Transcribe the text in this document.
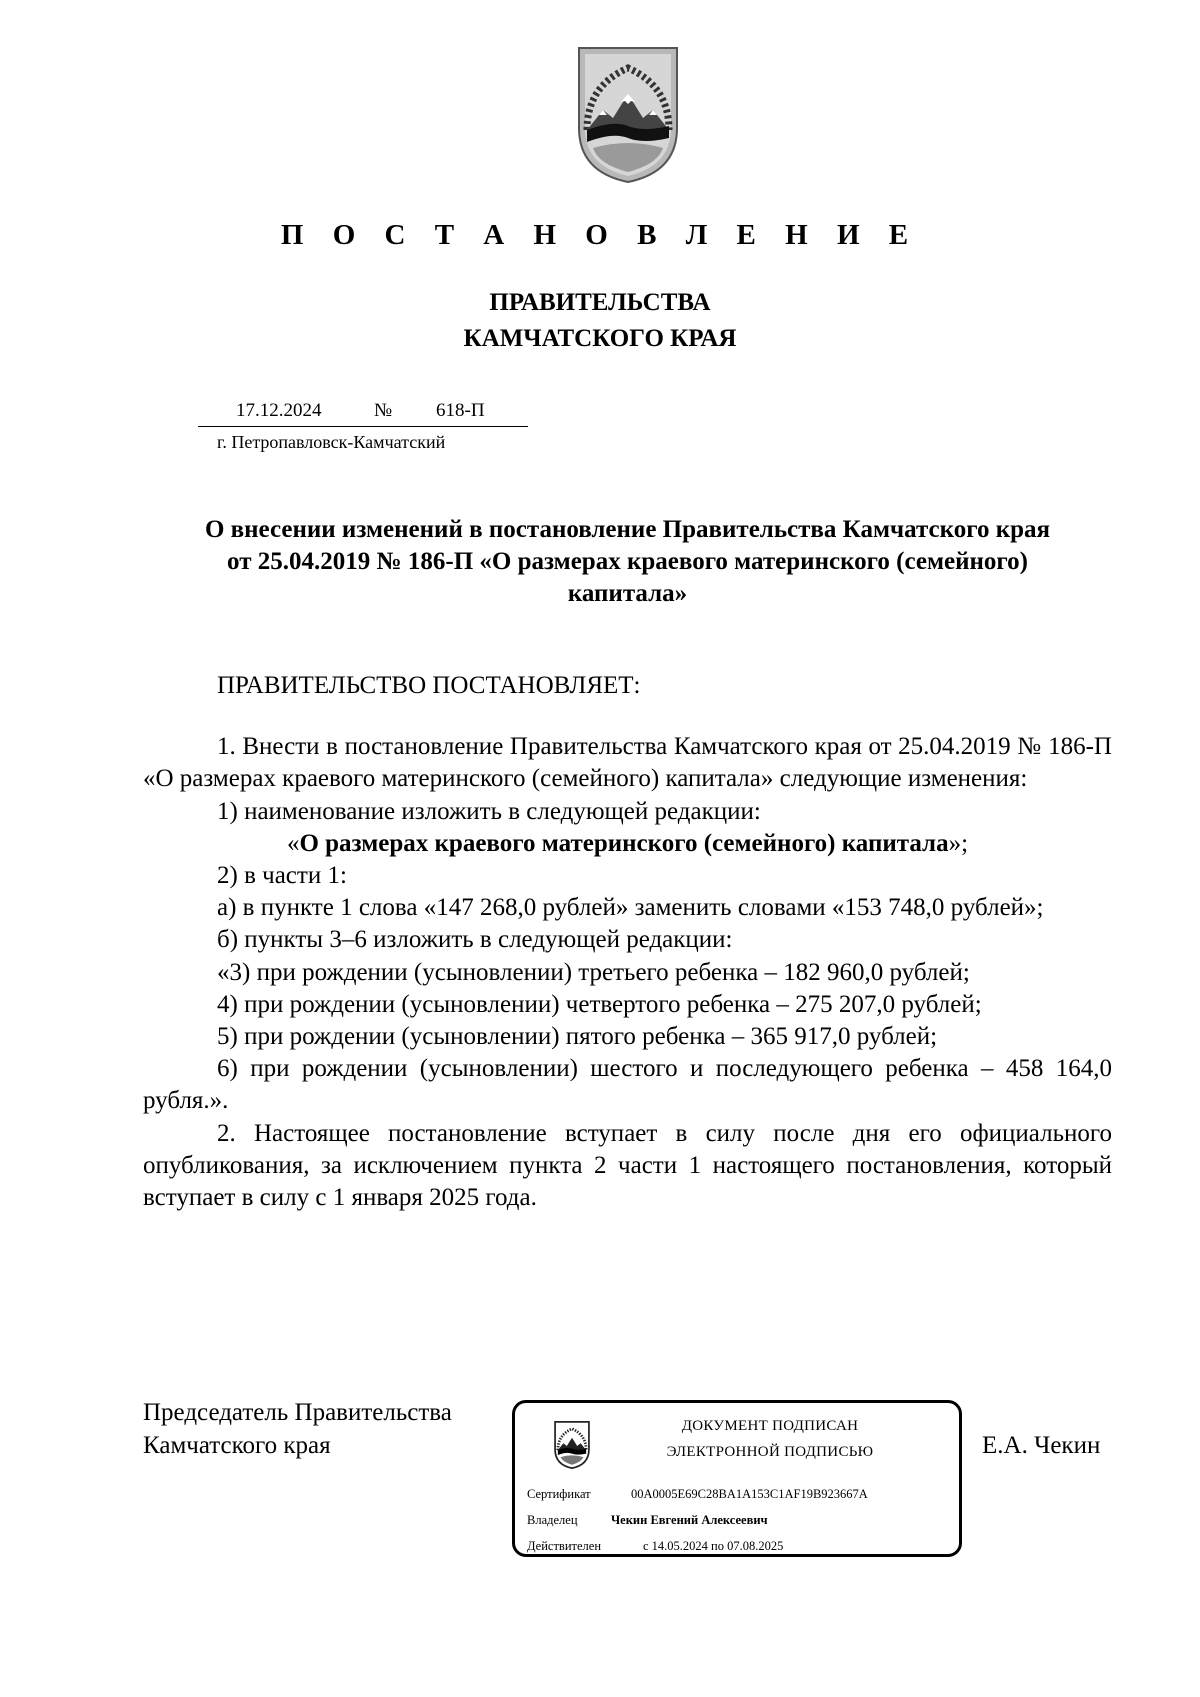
П О С Т А Н О В Л Е Н И Е
ПРАВИТЕЛЬСТВА
КАМЧАТСКОГО КРАЯ
17.12.2024	№ 618-П
г. Петропавловск-Камчатский
О внесении изменений в постановление Правительства Камчатского края
от 25.04.2019 № 186-П «О размерах краевого материнского (семейного)
капитала»

ПРАВИТЕЛЬСТВО ПОСТАНОВЛЯЕТ:

1. Внести в постановление Правительства Камчатского края от 25.04.2019 № 186-П «О размерах краевого материнского (семейного) капитала» следующие изменения:

1) наименование изложить в следующей редакции:

«О размерах краевого материнского (семейного) капитала»;

2) в части 1:

а) в пункте 1 слова «147 268,0 рублей» заменить словами «153 748,0 рублей»;

б) пункты 3–6 изложить в следующей редакции:

«3) при рождении (усыновлении) третьего ребенка – 182 960,0 рублей;

4) при рождении (усыновлении) четвертого ребенка – 275 207,0 рублей;

5) при рождении (усыновлении) пятого ребенка – 365 917,0 рублей;

6) при рождении (усыновлении) шестого и последующего ребенка – 458 164,0 рубля.».

2. Настоящее постановление вступает в силу после дня его официального опубликования, за исключением пункта 2 части 1 настоящего постановления, который вступает в силу с 1 января 2025 года.

Председатель Правительства
Камчатского края
ДОКУМЕНТ ПОДПИСАН
ЭЛЕКТРОННОЙ ПОДПИСЬЮ
Сертификат	00A0005E69C28BA1A153C1AF19B923667A
Владелец	Чекин Евгений Алексеевич
Действителен	с 14.05.2024 по 07.08.2025
Е.А. Чекин
